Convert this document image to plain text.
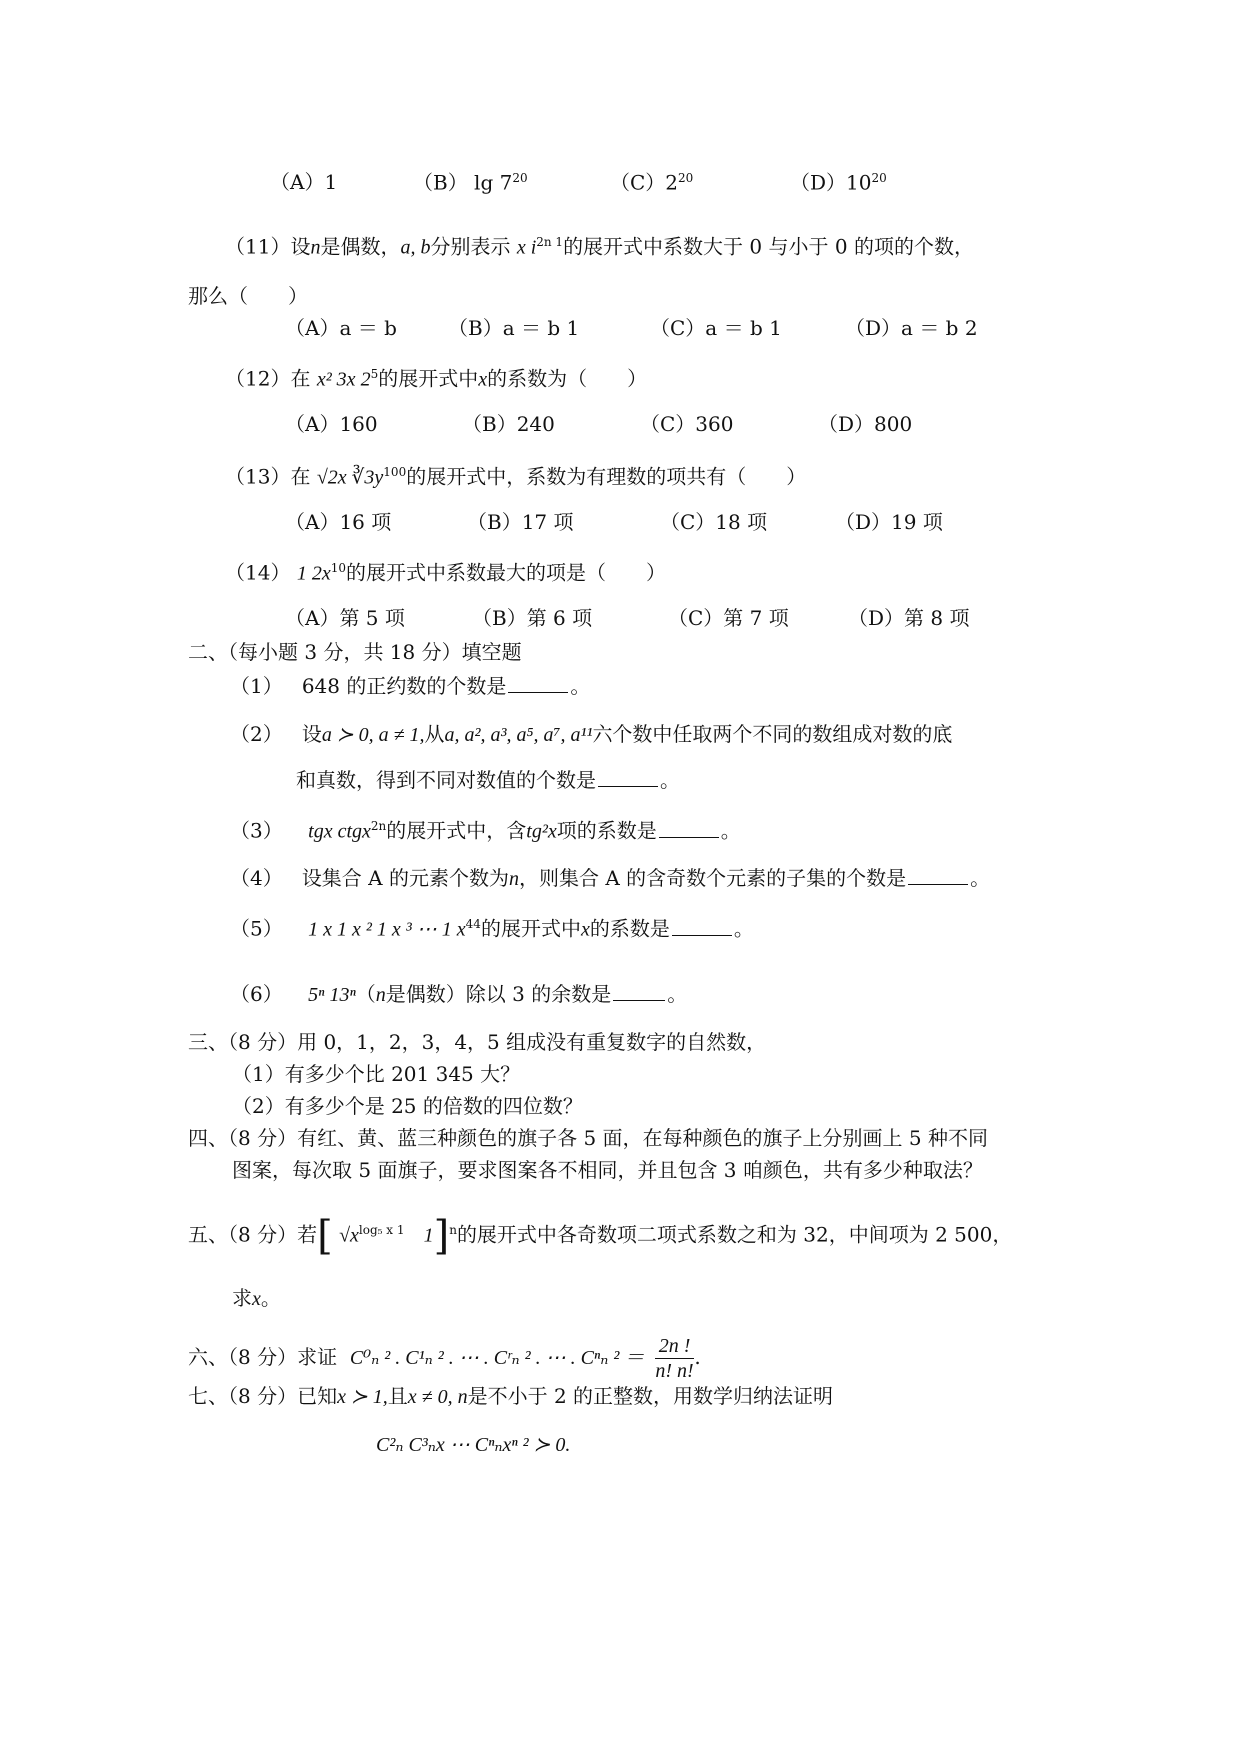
（A）1	（B） $\lg 7^{20}$	$(C)2^{20}$	$(D)10^{20}$
（11）设n是偶数，a, b分别表示 x $i^{2n 1}$的展开式中系数大于 0 与小于 0 的项的个数，
那么（　　）
（A）a ＝ b	（B）a ＝ b 1	（C）a ＝ b 1	（D）a ＝ b 2
（12）在 x² 3x $2^5$的展开式中x的系数为（　　）
（A）160	（B）240	（C）360	（D）800
（13）在 √2x $∛3y^{100}$的展开式中，系数为有理数的项共有（　　）
（A）16 项	（B）17 项	（C）18 项	（D）19 项
（14） 1 $2x^{10}$的展开式中系数最大的项是（　　）
（A）第 5 项	（B）第 6 项	（C）第 7 项	（D）第 8 项
二、（每小题 3 分，共 18 分）填空题
（1） 648 的正约数的个数是	。
（2） 设a ≻ 0, a ≠ 1,从a, a², a³, a⁵, a⁷, a¹¹六个数中任取两个不同的数组成对数的底
和真数，得到不同对数值的个数是	。
（3） tgx ctgx$^{2n}$的展开式中，含tg²x项的系数是	。
（4） 设集合 A 的元素个数为n，则集合 A 的含奇数个元素的子集的个数是	。
（5） 1 x 1 x ² 1 x ³ ⋯ 1 $x^{44}$的展开式中x的系数是	。
（6） 5ⁿ 13ⁿ（n是偶数）除以 3 的余数是	。
三、（8 分）用 0，1，2，3，4，5 组成没有重复数字的自然数，
（1）有多少个比 201 345 大？
（2）有多少个是 25 的倍数的四位数？
四、（8 分）有红、黄、蓝三种颜色的旗子各 5 面，在每种颜色的旗子上分别画上 5 种不同
图案，每次取 5 面旗子，要求图案各不相同，并且包含 3 咱颜色，共有多少种取法？
五、（8 分）若[ $√x^{log_5 x 1}$ 1]$^n$的展开式中各奇数项二项式系数之和为 32，中间项为 2 500，
求x。
六、（8 分）求证 C⁰ₙ ² . C¹ₙ ² . ⋯ . Cʳₙ ² . ⋯ . Cⁿₙ $^2 = \frac{2n !}{n! n!}$ .
七、（8 分）已知x ≻ 1,且x ≠ 0, n是不小于 2 的正整数，用数学归纳法证明
C²ₙ C³ₙx ⋯ Cⁿₙxⁿ ² ≻ 0.
